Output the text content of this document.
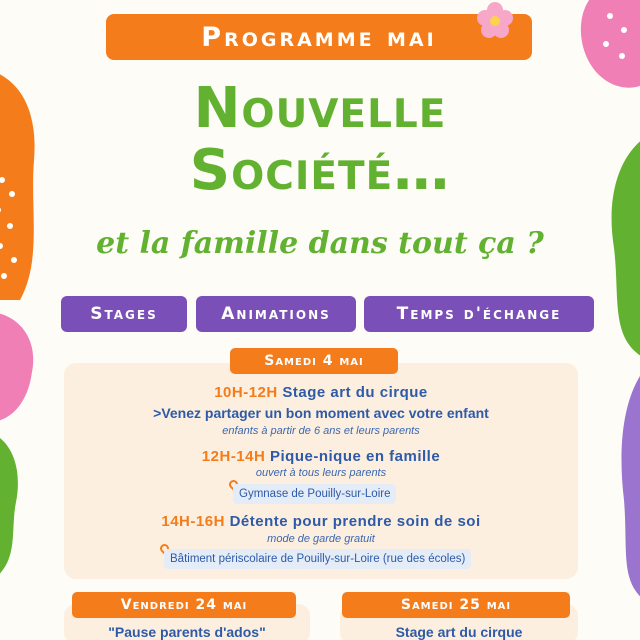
Programme mai
Nouvelle
Société…
et la famille dans tout ça ?
Stages	Animations	Temps d'échange
Samedi 4 mai
10H-12H Stage art du cirque
>Venez partager un bon moment avec votre enfant
enfants à partir de 6 ans et leurs parents
12H-14H Pique-nique en famille
ouvert à tous leurs parents
Gymnase de Pouilly-sur-Loire
14H-16H Détente pour prendre soin de soi
mode de garde gratuit
Bâtiment périscolaire de Pouilly-sur-Loire (rue des écoles)
Vendredi 24 mai
"Pause parents d'ados"
Samedi 25 mai
Stage art du cirque
